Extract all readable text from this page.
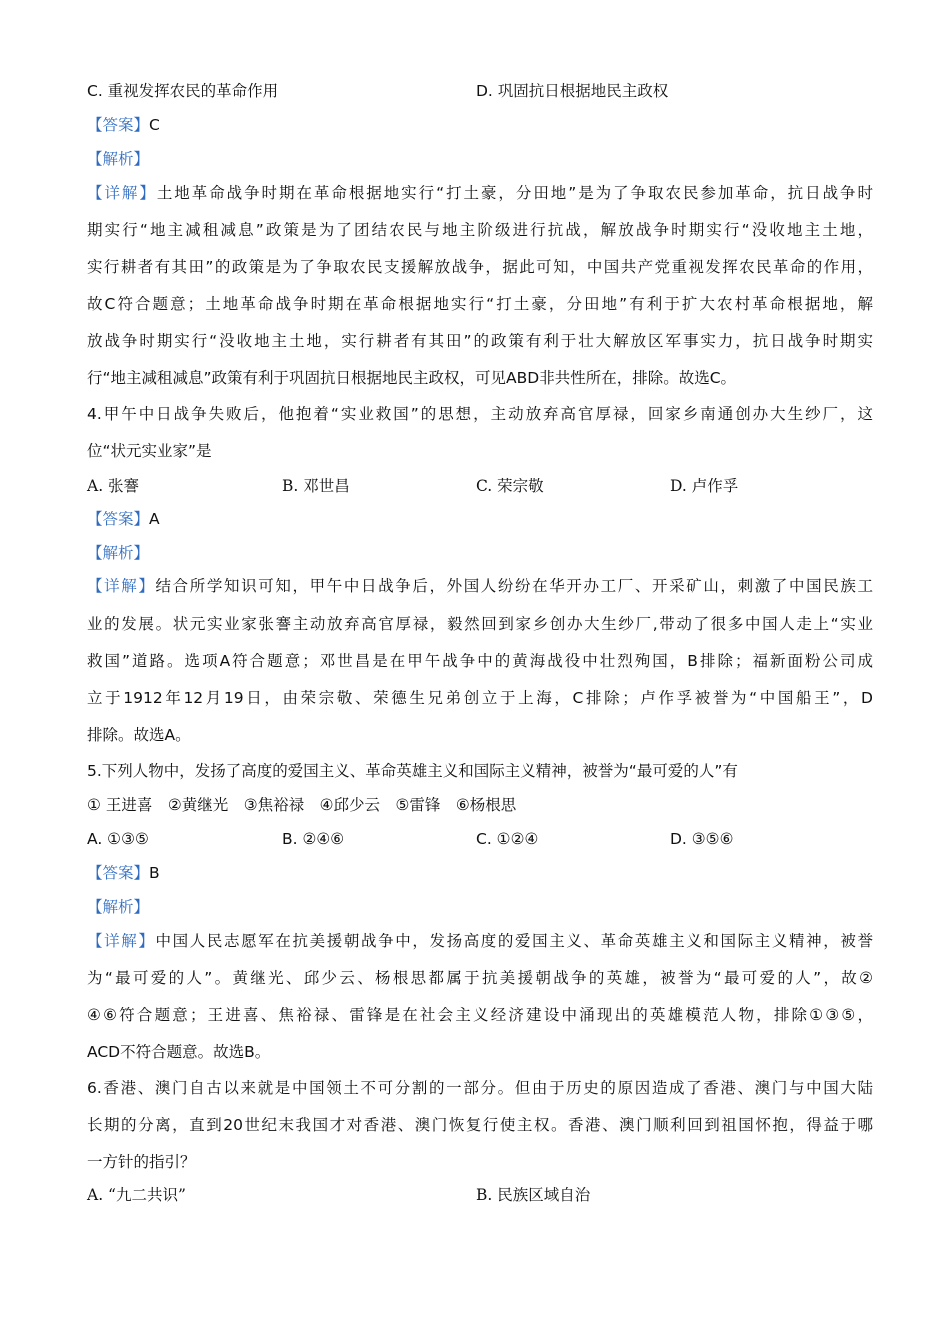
C. 重视发挥农民的革命作用	D. 巩固抗日根据地民主政权
【答案】C
【解析】
【详解】土地革命战争时期在革命根据地实行“打土豪，分田地”是为了争取农民参加革命，抗日战争时
期实行“地主减租减息”政策是为了团结农民与地主阶级进行抗战，解放战争时期实行“没收地主土地，
实行耕者有其田”的政策是为了争取农民支援解放战争，据此可知，中国共产党重视发挥农民革命的作用，
故C符合题意；土地革命战争时期在革命根据地实行“打土豪，分田地”有利于扩大农村革命根据地，解
放战争时期实行“没收地主土地，实行耕者有其田”的政策有利于壮大解放区军事实力，抗日战争时期实
行“地主减租减息”政策有利于巩固抗日根据地民主政权，可见ABD非共性所在，排除。故选C。
4.甲午中日战争失败后，他抱着“实业救国”的思想，主动放弃高官厚禄，回家乡南通创办大生纱厂，这
位“状元实业家”是
A. 张謇	B. 邓世昌	C. 荣宗敬	D. 卢作孚
【答案】A
【解析】
【详解】结合所学知识可知，甲午中日战争后，外国人纷纷在华开办工厂、开采矿山，刺激了中国民族工
业的发展。状元实业家张謇主动放弃高官厚禄，毅然回到家乡创办大生纱厂,带动了很多中国人走上“实业
救国”道路。选项A符合题意；邓世昌是在甲午战争中的黄海战役中壮烈殉国，B排除；福新面粉公司成
立于1912年12月19日，由荣宗敬、荣德生兄弟创立于上海，C排除；卢作孚被誉为“中国船王”，D
排除。故选A。
5.下列人物中，发扬了高度的爱国主义、革命英雄主义和国际主义精神，被誉为“最可爱的人”有
① 王进喜　②黄继光　③焦裕禄　④邱少云　⑤雷锋　⑥杨根思
A. ①③⑤	B. ②④⑥	C. ①②④	D. ③⑤⑥
【答案】B
【解析】
【详解】中国人民志愿军在抗美援朝战争中，发扬高度的爱国主义、革命英雄主义和国际主义精神，被誉
为“最可爱的人”。黄继光、邱少云、杨根思都属于抗美援朝战争的英雄，被誉为“最可爱的人”，故②
④⑥符合题意；王进喜、焦裕禄、雷锋是在社会主义经济建设中涌现出的英雄模范人物，排除①③⑤，
ACD不符合题意。故选B。
6.香港、澳门自古以来就是中国领土不可分割的一部分。但由于历史的原因造成了香港、澳门与中国大陆
长期的分离，直到20世纪末我国才对香港、澳门恢复行使主权。香港、澳门顺利回到祖国怀抱，得益于哪
一方针的指引？
A. “九二共识”	B. 民族区域自治
